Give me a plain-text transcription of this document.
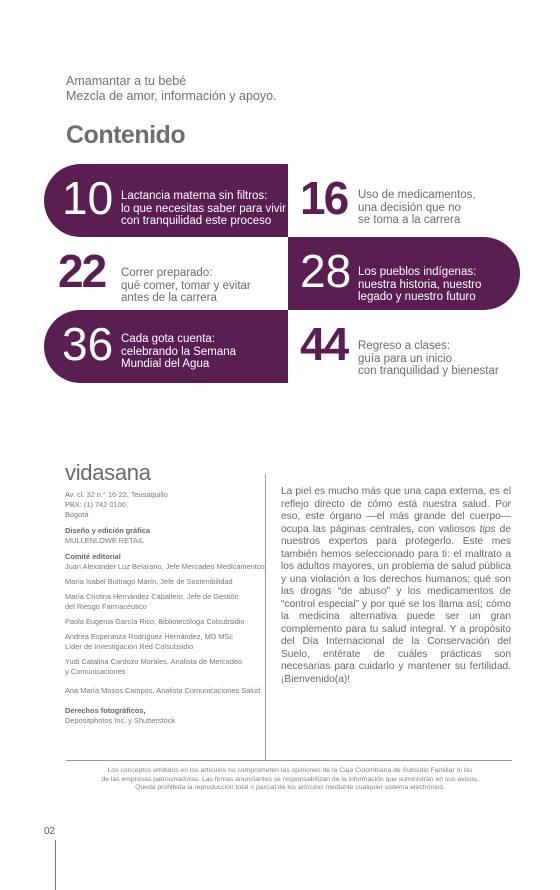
Amamantar a tu bebé
Mezcla de amor, información y apoyo.
Contenido
10 Lactancia materna sin filtros:
lo que necesitas saber para vivir
con tranquilidad este proceso 16 Uso de medicamentos,
una decisión que no
se toma a la carrera
22 Correr preparado:
qué comer, tomar y evitar
antes de la carrera
28 Los pueblos indígenas:
nuestra historia, nuestro
legado y nuestro futuro
36 Cada gota cuenta:
celebrando la Semana
Mundial del Agua	44 Regreso a clases:
guía para un inicio
con tranquilidad y bienestar
vidasana
Av. cl. 32 n.° 16-22, Teusaquillo
PBX: (1) 742 0100
Bogotá
Diseño y edición gráfica
MULLENLOWE RETAIL
Comité editorial
Juan Alexander Luz Belarano, Jefe Mercadeo Medicamentos
María Isabel Buitrago Marín, Jefe de Sostenibilidad
María Cristina Hernández Caballero, Jefe de Gestión
del Riesgo Farmacéutico
Paola Eugenia García Rico, Bibliotecóloga Colsubsidio
Andrea Esperanza Rodríguez Hernández, MD MSc
Líder de Investigación Red Colsubsidio
Yudi Catalina Cardozo Morales, Analista de Mercadeo
y Comunicaciones
Ana María Mosos Campos, Analista Comunicaciones Salud
Derechos fotográficos,
Depositphotos Inc. y Shutterstock

La piel es mucho más que una capa externa, es el reflejo directo de cómo está nuestra salud. Por eso, este órgano —el más grande del cuerpo— ocupa las páginas centrales, con valiosos tips de nuestros expertos para protegerlo. Este mes también hemos seleccionado para ti: el maltrato a los adultos mayores, un problema de salud pública y una violación a los derechos humanos; qué son las drogas “de abuso” y los medicamentos de “control especial” y por qué se los llama así; cómo la medicina alternativa puede ser un gran complemento para tu salud integral. Y a propósito del Día Internacional de la Conservación del Suelo, entérate de cuáles prácticas son necesarias para cuidarlo y mantener su fertilidad. ¡Bienvenido(a)!

Los conceptos emitidos en los artículos no comprometen las opiniones de la Caja Colombiana de Subsidio Familiar ni las
de las empresas patrocinadoras. Las firmas anunciantes se responsabilizan de la información que suministran en sus avisos.
Queda prohibida la reproducción total o parcial de los artículos mediante cualquier sistema electrónico.

02
